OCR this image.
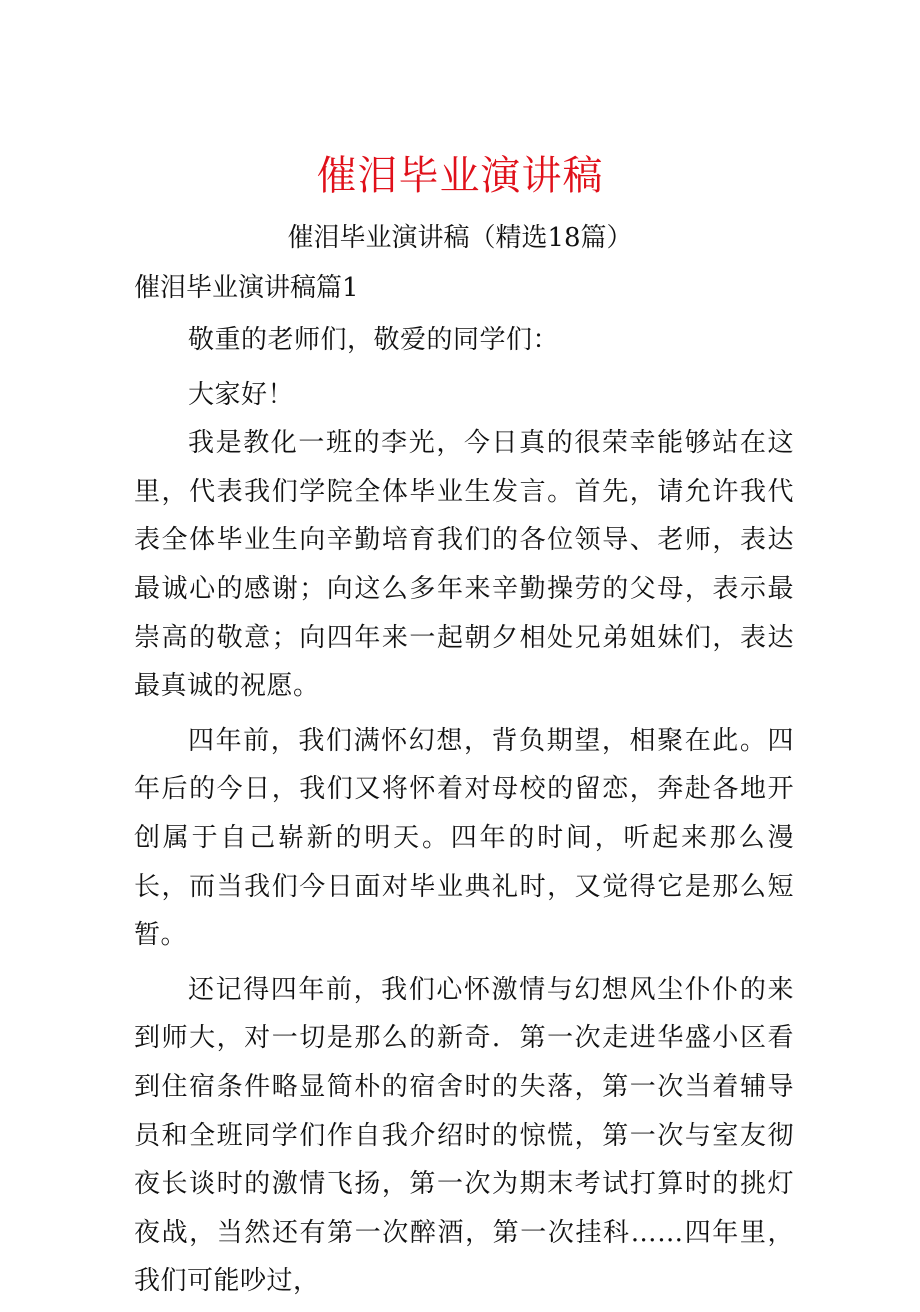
催泪毕业演讲稿
催泪毕业演讲稿（精选18篇）
催泪毕业演讲稿篇1

敬重的老师们，敬爱的同学们：

大家好！

我是教化一班的李光，今日真的很荣幸能够站在这里，代表我们学院全体毕业生发言。首先，请允许我代表全体毕业生向辛勤培育我们的各位领导、老师，表达最诚心的感谢；向这么多年来辛勤操劳的父母，表示最崇高的敬意；向四年来一起朝夕相处兄弟姐妹们，表达最真诚的祝愿。

四年前，我们满怀幻想，背负期望，相聚在此。四年后的今日，我们又将怀着对母校的留恋，奔赴各地开创属于自己崭新的明天。四年的时间，听起来那么漫长，而当我们今日面对毕业典礼时，又觉得它是那么短暂。

还记得四年前，我们心怀激情与幻想风尘仆仆的来到师大，对一切是那么的新奇．第一次走进华盛小区看到住宿条件略显简朴的宿舍时的失落，第一次当着辅导员和全班同学们作自我介绍时的惊慌，第一次与室友彻夜长谈时的激情飞扬，第一次为期末考试打算时的挑灯夜战，当然还有第一次醉酒，第一次挂科……四年里，我们可能吵过，
